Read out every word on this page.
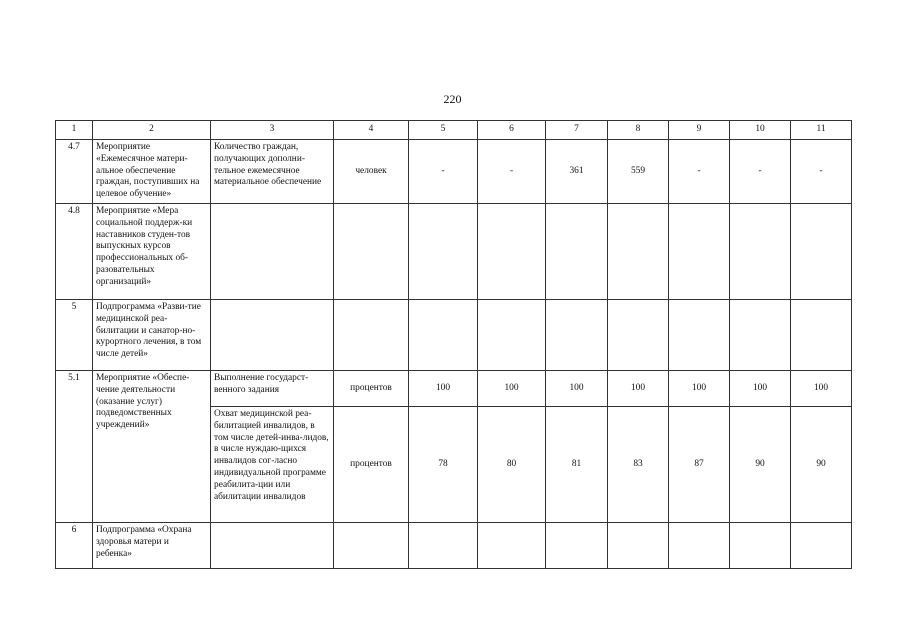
220
1	2	3	4	5	6	7	8	9	10	11
4.7	Мероприятие «Ежемесячное матери-альное обеспечение граждан, поступивших на целевое обучение»	Количество граждан, получающих дополни-тельное ежемесячное материальное обеспечение	человек	-	-	361	559	-	-	-
4.8	Мероприятие «Мера социальной поддерж-ки наставников студен-тов выпускных курсов профессиональных об-разовательных организаций»									
5	Подпрограмма «Разви-тие медицинской реа-билитации и санатор-но-курортного лечения, в том числе детей»									
5.1	Мероприятие «Обеспе-чение деятельности (оказание услуг) подведомственных учреждений»	Выполнение государст-венного задания	процентов	100	100	100	100	100	100	100
		Охват медицинской реа-билитацией инвалидов, в том числе детей-инва-лидов, в числе нуждаю-щихся инвалидов сог-ласно индивидуальной программе реабилита-ции или абилитации инвалидов	процентов	78	80	81	83	87	90	90
6	Подпрограмма «Охрана здоровья матери и ребенка»									
